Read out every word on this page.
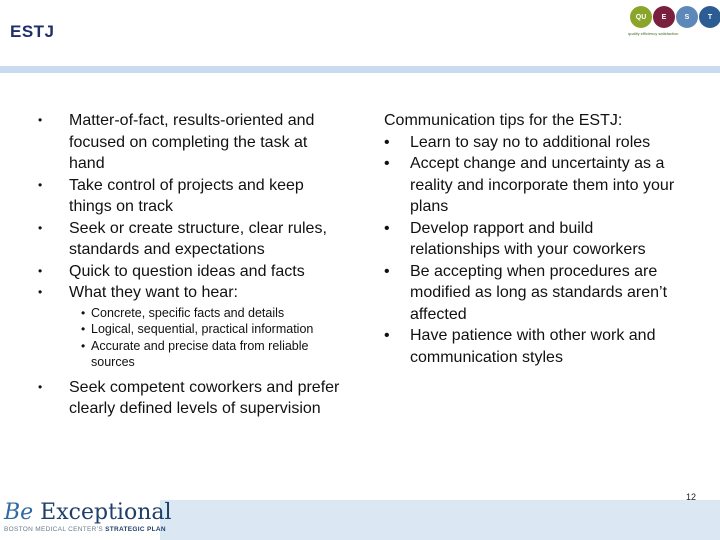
ESTJ
QU	E	S	T
quality efficiency satisfaction
• Matter-of-fact, results-oriented and focused on completing the task at hand
• Take control of projects and keep things on track
• Seek or create structure, clear rules, standards and expectations
• Quick to question ideas and facts
• What they want to hear:
• Concrete, specific facts and details
• Logical, sequential, practical information
• Accurate and precise data from reliable sources
• Seek competent coworkers and prefer clearly defined levels of supervision
Communication tips for the ESTJ:
• Learn to say no to additional roles
• Accept change and uncertainty as a reality and incorporate them into your plans
• Develop rapport and build relationships with your coworkers
• Be accepting when procedures are modified as long as standards aren’t affected
• Have patience with other work and communication styles
Be Exceptional
BOSTON MEDICAL CENTER’S STRATEGIC PLAN
12
